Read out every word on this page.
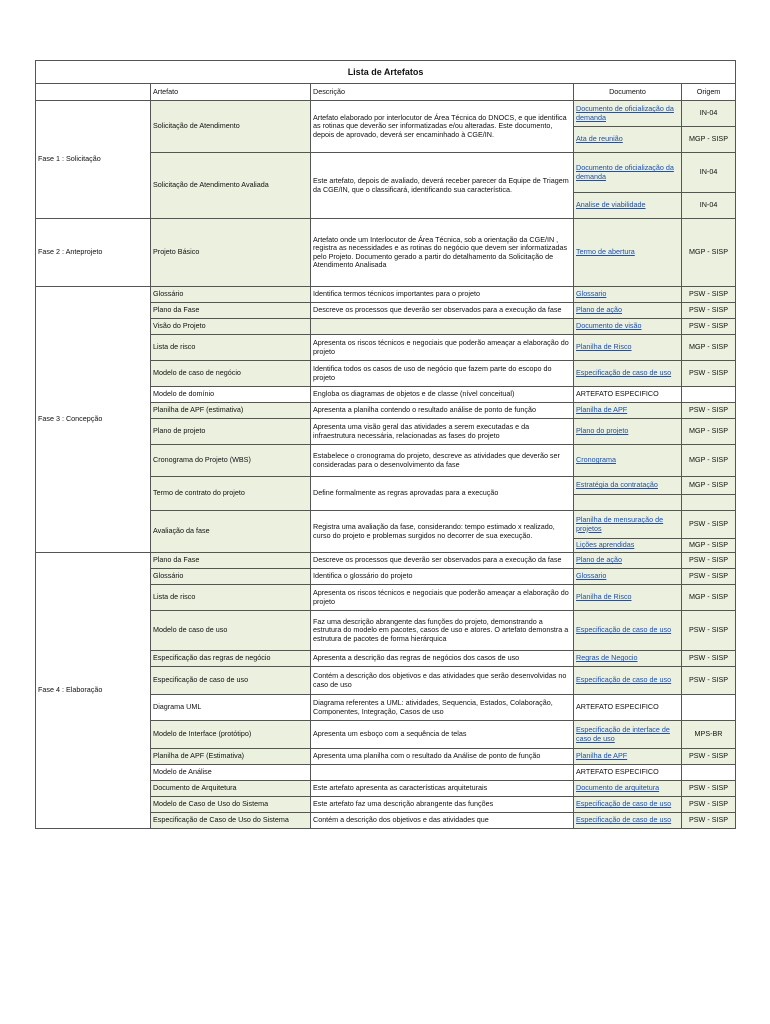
Lista de Artefatos				
	Artefato	Descrição	Documento	Origem
Fase 1 : Solicitação	Solicitação de Atendimento	Artefato elaborado por interlocutor de Área Técnica do DNOCS, e que identifica as rotinas que deverão ser informatizadas e/ou alteradas. Este documento, depois de aprovado, deverá ser encaminhado à CGE/IN.	Documento de oficialização da demanda	IN-04
			Ata de reunião	MGP - SISP
	Solicitação de Atendimento Avaliada	Este artefato, depois de avaliado, deverá receber parecer da Equipe de Triagem da CGE/IN, que o classificará, identificando sua característica.	Documento de oficialização da demanda	IN-04
			Analise de viabilidade	IN-04
Fase 2 : Anteprojeto	Projeto Básico	Artefato onde um Interlocutor de Área Técnica, sob a orientação da CGE/IN , registra as necessidades e as rotinas do negócio que devem ser informatizadas pelo Projeto. Documento gerado a partir do detalhamento da Solicitação de Atendimento Analisada	Termo de abertura	MGP - SISP
Fase 3 : Concepção	Glossário	Identifica termos técnicos importantes para o projeto	Glossario	PSW - SISP
	Plano da Fase	Descreve os processos que deverão ser observados para a execução da fase	Plano de ação	PSW - SISP
	Visão do Projeto		Documento de visão	PSW - SISP
	Lista de risco	Apresenta os riscos técnicos e negociais que poderão ameaçar a elaboração do projeto	Planilha de Risco	MGP - SISP
	Modelo de caso de negócio	Identifica todos os casos de uso de negócio que fazem parte do escopo do projeto	Especificação de caso de uso	PSW - SISP
	Modelo de domínio	Engloba os diagramas de objetos e de classe (nível conceitual)	ARTEFATO ESPECIFICO	
	Planilha de APF (estimativa)	Apresenta a planilha contendo o resultado análise de ponto de função	Planilha de APF	PSW - SISP
	Plano de projeto	Apresenta uma visão geral das atividades a serem executadas e da infraestrutura necessária, relacionadas as fases do projeto	Plano do projeto	MGP - SISP
	Cronograma do Projeto (WBS)	Estabelece o cronograma do projeto, descreve as atividades que deverão ser consideradas para o desenvolvimento da fase	Cronograma	MGP - SISP
	Termo de contrato do projeto	Define formalmente as regras aprovadas para a execução	Estratégia da contratação	MGP - SISP

	Avaliação da fase	Registra uma avaliação da fase, considerando: tempo estimado x realizado, curso do projeto e problemas surgidos no decorrer de sua execução.	Planilha de mensuração de projetos	PSW - SISP
			Lições aprendidas	MGP - SISP
Fase 4 : Elaboração	Plano da Fase	Descreve os processos que deverão ser observados para a execução da fase	Plano de ação	PSW - SISP
	Glossário	Identifica o glossário do projeto	Glossario	PSW - SISP
	Lista de risco	Apresenta os riscos técnicos e negociais que poderão ameaçar a elaboração do projeto	Planilha de Risco	MGP - SISP
	Modelo de caso de uso	Faz uma descrição abrangente das funções do projeto, demonstrando a estrutura do modelo em pacotes, casos de uso e atores. O artefato demonstra a estrutura de pacotes de forma hierárquica	Especificação de caso de uso	PSW - SISP
	Especificação das regras de negócio	Apresenta a descrição das regras de negócios dos casos de uso	Regras de Negocio	PSW - SISP
	Especificação de caso de uso	Contém a descrição dos objetivos e das atividades que serão desenvolvidas no caso de uso	Especificação de caso de uso	PSW - SISP
	Diagrama UML	Diagrama referentes a UML: atividades, Sequencia, Estados, Colaboração, Componentes, Integração, Casos de uso	ARTEFATO ESPECIFICO	
	Modelo de Interface (protótipo)	Apresenta um esboço com a sequência de telas	Especificação de interface de caso de uso	MPS-BR
	Planilha de APF (Estimativa)	Apresenta uma planilha com o resultado da Análise de ponto de função	Planilha de APF	PSW - SISP
	Modelo de Análise		ARTEFATO ESPECIFICO	
	Documento de Arquitetura	Este artefato apresenta as características arquiteturais	Documento de arquitetura	PSW - SISP
	Modelo de Caso de Uso do Sistema	Este artefato faz uma descrição abrangente das funções	Especificação de caso de uso	PSW - SISP
	Especificação de Caso de Uso do Sistema	Contém a descrição dos objetivos e das atividades que	Especificação de caso de uso	PSW - SISP
